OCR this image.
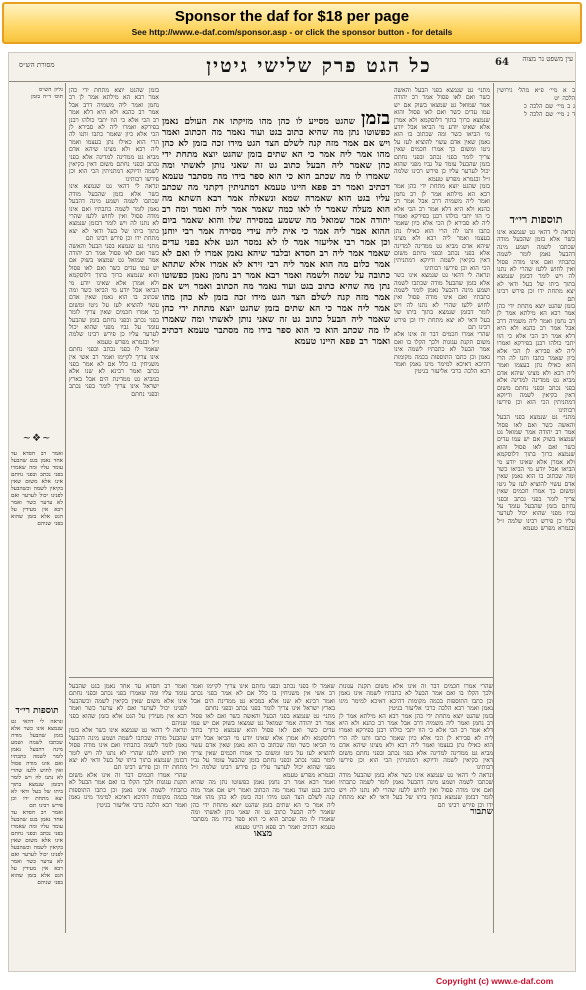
Sponsor the daf for $18 per page
See http://www.e-daf.com/sponsor.asp - or click the sponsor button - for details
מסורת הש״ס	כל הגט פרק שלישי גיטין	64	עין משפט נר מצוה
ב א מיי׳ פ״א מהל׳ גירושין הלכה יט
ג ב מיי׳ שם הלכה כ
ד ג מיי׳ שם הלכה ל
תוספות רי״ד
ונראה לי דהאי גט שנמצא אינו כשר אלא בזמן שהבעל מודה שכתבו לשמה ושמע מינה דהבעל נאמן לומר לשמה כתבתיו ואם אינו מודה פסול ואין לחוש ללעז שהרי לא נתנו לה ויש לומר דבזמן שנמצא בתוך ביתו של בעל ודאי לא יצא מתחת ידו וכן פירש רבינו תם
בזמן שהגט יוצא מתחת ידי כהן אמר רבא הא מילתא אמר לן רב נחמן ואמר ליה משמיה דרב אבל אמר רב כהנא ולא היא דלא אמר רב הכי אלא כי הוו יתבי כולהו רבנן בפירקא ואמרו ליה לא סבירא לן הכי אלא כיון שאמר כתבו ותנו לה הרי הוא כאילו נתן בעצמו ואמר ליה רבא ולא מצינו שיהא אדם מביא גט ממדינה למדינה אלא בפני נכתב ובפני נחתם משום דאין בקיאין לשמה ודיוקא דמתניתין הכי הוא וכן פירשו רבותינו
מתני׳ גט שנמצא בפני הבעל והאשה כשר ואם לאו פסול אמר רב יהודה אמר שמואל גט שמצאו בשוק אם יש עמו עדים כשר ואם לאו פסול והוא שנמצא כרוך בתוך דלוסקמא ולא אמרן אלא שאינו יודע מי הביאו אבל יודע מי הביאו כשר ומה שכתוב בו הוא נאמן שאין אדם עשוי להוציא לעז על גיטו ומשום כך אמרו חכמים שאין צריך לומר בפני נכתב ובפני נחתם בזמן שהבעל עומד על גביו מפני שהוא יכול לערער עליו כן פירש רבינו שלמה ז״ל ובגמרא מפרש טעמא
מתני׳ גט שנמצא בפני הבעל והאשה כשר ואם לאו פסול אמר רב יהודה אמר שמואל גט שמצאו בשוק אם יש עמו עדים כשר ואם לאו פסול והוא שנמצא כרוך בתוך דלוסקמא ולא אמרן אלא שאינו יודע מי הביאו אבל יודע מי הביאו כשר ומה שכתוב בו הוא נאמן שאין אדם עשוי להוציא לעז על גיטו ומשום כך אמרו חכמים שאין צריך לומר בפני נכתב ובפני נחתם בזמן שהבעל עומד על גביו מפני שהוא יכול לערער עליו כן פירש רבינו שלמה ז״ל ובגמרא מפרש טעמא
בזמן שהגט יוצא מתחת ידי כהן אמר רבא הא מילתא אמר לן רב נחמן ואמר ליה משמיה דרב אבל אמר רב כהנא ולא היא דלא אמר רב הכי אלא כי הוו יתבי כולהו רבנן בפירקא ואמרו ליה לא סבירא לן הכי אלא כיון שאמר כתבו ותנו לה הרי הוא כאילו נתן בעצמו ואמר ליה רבא ולא מצינו שיהא אדם מביא גט ממדינה למדינה אלא בפני נכתב ובפני נחתם משום דאין בקיאין לשמה ודיוקא דמתניתין הכי הוא וכן פירשו רבותינו
ונראה לי דהאי גט שנמצא אינו כשר אלא בזמן שהבעל מודה שכתבו לשמה ושמע מינה דהבעל נאמן לומר לשמה כתבתיו ואם אינו מודה פסול ואין לחוש ללעז שהרי לא נתנו לה ויש לומר דבזמן שנמצא בתוך ביתו של בעל ודאי לא יצא מתחת ידו וכן פירש רבינו תם
שהרי אמרו חכמים דבר זה אינו אלא משום תקנת עגונות ולכך הקלו בו ואם אמר הבעל לא כתבתיו לשמה אינו נאמן וכן כתבו התוספות בכמה מקומות דהיכא דאיכא למימר מיגו נאמן ואמר רבא הלכה כרבי אליעזר בגיטין
בזמן שהגט מסייע לו כהן מהו מזיקתו את העולם נאמן כפשוטו נתן מה שהיא כתוב בגט ועוד נאמר מה הכתוב ואמר ויש אם אמר מזה קנה לשלם הצד הגט מידו זכה בזמן לא כהן מהו אמר ליה אמר כי הא שתים בזמן שהגט יוצא מתחת ידי כהן שאמר ליה הבעל כתוב גט זה שאני נותן לאשתי ומה שאמרו לו מה שכתב הוא כי הוא ספר בידו מה מסתבר טעמא דכתיב ואמר רב פפא היינו טעמא דמתניתין דקתני מה שכתב עליו בגט הוא שאמרה שמא ונשאלה אמר רבא השתא מה הוא מעלה שאמר לו לאו כמה שאמר אמר ליה ואמר ומה רב יהודה אמר שמואל מה ששמע במסירה שלו והוא שאמר ביום ההוא אמר ליה אמר כי אית ליה עידי מסירה אמר רבי יוחנן וכן אמר רבי אליעזר אמר לו לא נמסר הגט אלא בפני עדים שאמר אמר ליה רב חסדא ובלבד שיהא נאמן אמרו לו ואם לא אמר כלום מה הוא אמר ליה רבי זירא לא אמרו אלא שתהא כתובה על שמה ולשמה ואמר רבא אמר רב נחמן נאמן כפשוטו נתן מה שהיא כתוב בגט ועוד נאמר מה הכתוב ואמר ויש אם אמר מזה קנה לשלם הצד הגט מידו זכה בזמן לא כהן מהו אמר ליה אמר כי הא שתים בזמן שהגט יוצא מתחת ידי כהן שאמר ליה הבעל כתוב גט זה שאני נותן לאשתי ומה שאמרו לו מה שכתב הוא כי הוא ספר בידו מה מסתבר טעמא דכתיב ואמר רב פפא היינו טעמא
בזמן שהגט יוצא מתחת ידי כהן אמר רבא הא מילתא אמר לן רב נחמן ואמר ליה משמיה דרב אבל אמר רב כהנא ולא היא דלא אמר רב הכי אלא כי הוו יתבי כולהו רבנן בפירקא ואמרו ליה לא סבירא לן הכי אלא כיון שאמר כתבו ותנו לה הרי הוא כאילו נתן בעצמו ואמר ליה רבא ולא מצינו שיהא אדם מביא גט ממדינה למדינה אלא בפני נכתב ובפני נחתם משום דאין בקיאין לשמה ודיוקא דמתניתין הכי הוא וכן פירשו רבותינו
ונראה לי דהאי גט שנמצא אינו כשר אלא בזמן שהבעל מודה שכתבו לשמה ושמע מינה דהבעל נאמן לומר לשמה כתבתיו ואם אינו מודה פסול ואין לחוש ללעז שהרי לא נתנו לה ויש לומר דבזמן שנמצא בתוך ביתו של בעל ודאי לא יצא מתחת ידו וכן פירש רבינו תם
מתני׳ גט שנמצא בפני הבעל והאשה כשר ואם לאו פסול אמר רב יהודה אמר שמואל גט שמצאו בשוק אם יש עמו עדים כשר ואם לאו פסול והוא שנמצא כרוך בתוך דלוסקמא ולא אמרן אלא שאינו יודע מי הביאו אבל יודע מי הביאו כשר ומה שכתוב בו הוא נאמן שאין אדם עשוי להוציא לעז על גיטו ומשום כך אמרו חכמים שאין צריך לומר בפני נכתב ובפני נחתם בזמן שהבעל עומד על גביו מפני שהוא יכול לערער עליו כן פירש רבינו שלמה ז״ל ובגמרא מפרש טעמא
שאמר לו בפני נכתב ובפני נחתם אינו צריך לקיימו ואמר רב אשי אין משגיחין בו כלל אם לא אמר בפני נכתב ואמר רבינא לא שנו אלא במביא גט ממדינת הים אבל בארץ ישראל אינו צריך לומר בפני נכתב ובפני נחתם
גליון הש״ס
תוס׳ ד״ה בזמן
~❖~
ואמר רב חסדא עד אחד נאמן בגט שהבעל עומד עליו ומה שאמרו בפני נכתב ובפני נחתם אינו אלא משום שאין בקיאין לשמה וכשהבעל לפנינו יכול לערער ואם לא ערער כשר ואמר רבא אין מעידין על הגט אלא בזמן שהוא בפני שניהם
שהרי אמרו חכמים דבר זה אינו אלא משום תקנת עגונות ולכך הקלו בו ואם אמר הבעל לא כתבתיו לשמה אינו נאמן וכן כתבו התוספות בכמה מקומות דהיכא דאיכא למימר מיגו נאמן ואמר רבא הלכה כרבי אליעזר בגיטין
בזמן שהגט יוצא מתחת ידי כהן אמר רבא הא מילתא אמר לן רב נחמן ואמר ליה משמיה דרב אבל אמר רב כהנא ולא היא דלא אמר רב הכי אלא כי הוו יתבי כולהו רבנן בפירקא ואמרו ליה לא סבירא לן הכי אלא כיון שאמר כתבו ותנו לה הרי הוא כאילו נתן בעצמו ואמר ליה רבא ולא מצינו שיהא אדם מביא גט ממדינה למדינה אלא בפני נכתב ובפני נחתם משום דאין בקיאין לשמה ודיוקא דמתניתין הכי הוא וכן פירשו רבותינו
ונראה לי דהאי גט שנמצא אינו כשר אלא בזמן שהבעל מודה שכתבו לשמה ושמע מינה דהבעל נאמן לומר לשמה כתבתיו ואם אינו מודה פסול ואין לחוש ללעז שהרי לא נתנו לה ויש לומר דבזמן שנמצא בתוך ביתו של בעל ודאי לא יצא מתחת ידו וכן פירש רבינו תם
שתבור
שאמר לו בפני נכתב ובפני נחתם אינו צריך לקיימו ואמר רב אשי אין משגיחין בו כלל אם לא אמר בפני נכתב ואמר רבינא לא שנו אלא במביא גט ממדינת הים אבל בארץ ישראל אינו צריך לומר בפני נכתב ובפני נחתם
מתני׳ גט שנמצא בפני הבעל והאשה כשר ואם לאו פסול אמר רב יהודה אמר שמואל גט שמצאו בשוק אם יש עמו עדים כשר ואם לאו פסול והוא שנמצא כרוך בתוך דלוסקמא ולא אמרן אלא שאינו יודע מי הביאו אבל יודע מי הביאו כשר ומה שכתוב בו הוא נאמן שאין אדם עשוי להוציא לעז על גיטו ומשום כך אמרו חכמים שאין צריך לומר בפני נכתב ובפני נחתם בזמן שהבעל עומד על גביו מפני שהוא יכול לערער עליו כן פירש רבינו שלמה ז״ל ובגמרא מפרש טעמא
ואמר רבא אמר רב נחמן נאמן כפשוטו נתן מה שהיא כתוב בגט ועוד נאמר מה הכתוב ואמר ויש אם אמר מזה קנה לשלם הצד הגט מידו זכה בזמן לא כהן מהו אמר ליה אמר כי הא שתים בזמן שהגט יוצא מתחת ידי כהן שאמר ליה הבעל כתוב גט זה שאני נותן לאשתי ומה שאמרו לו מה שכתב הוא כי הוא ספר בידו מה מסתבר טעמא דכתיב ואמר רב פפא היינו טעמא
מצאו
ואמר רב חסדא עד אחד נאמן בגט שהבעל עומד עליו ומה שאמרו בפני נכתב ובפני נחתם אינו אלא משום שאין בקיאין לשמה וכשהבעל לפנינו יכול לערער ואם לא ערער כשר ואמר רבא אין מעידין על הגט אלא בזמן שהוא בפני שניהם
ונראה לי דהאי גט שנמצא אינו כשר אלא בזמן שהבעל מודה שכתבו לשמה ושמע מינה דהבעל נאמן לומר לשמה כתבתיו ואם אינו מודה פסול ואין לחוש ללעז שהרי לא נתנו לה ויש לומר דבזמן שנמצא בתוך ביתו של בעל ודאי לא יצא מתחת ידו וכן פירש רבינו תם
שהרי אמרו חכמים דבר זה אינו אלא משום תקנת עגונות ולכך הקלו בו ואם אמר הבעל לא כתבתיו לשמה אינו נאמן וכן כתבו התוספות בכמה מקומות דהיכא דאיכא למימר מיגו נאמן ואמר רבא הלכה כרבי אליעזר בגיטין
תוספות רי״ד
ונראה לי דהאי גט שנמצא אינו כשר אלא בזמן שהבעל מודה שכתבו לשמה ושמע מינה דהבעל נאמן לומר לשמה כתבתיו ואם אינו מודה פסול ואין לחוש ללעז שהרי לא נתנו לה ויש לומר דבזמן שנמצא בתוך ביתו של בעל ודאי לא יצא מתחת ידו וכן פירש רבינו תם
ואמר רב חסדא עד אחד נאמן בגט שהבעל עומד עליו ומה שאמרו בפני נכתב ובפני נחתם אינו אלא משום שאין בקיאין לשמה וכשהבעל לפנינו יכול לערער ואם לא ערער כשר ואמר רבא אין מעידין על הגט אלא בזמן שהוא בפני שניהם
Copyright (c) www.e-daf.com
